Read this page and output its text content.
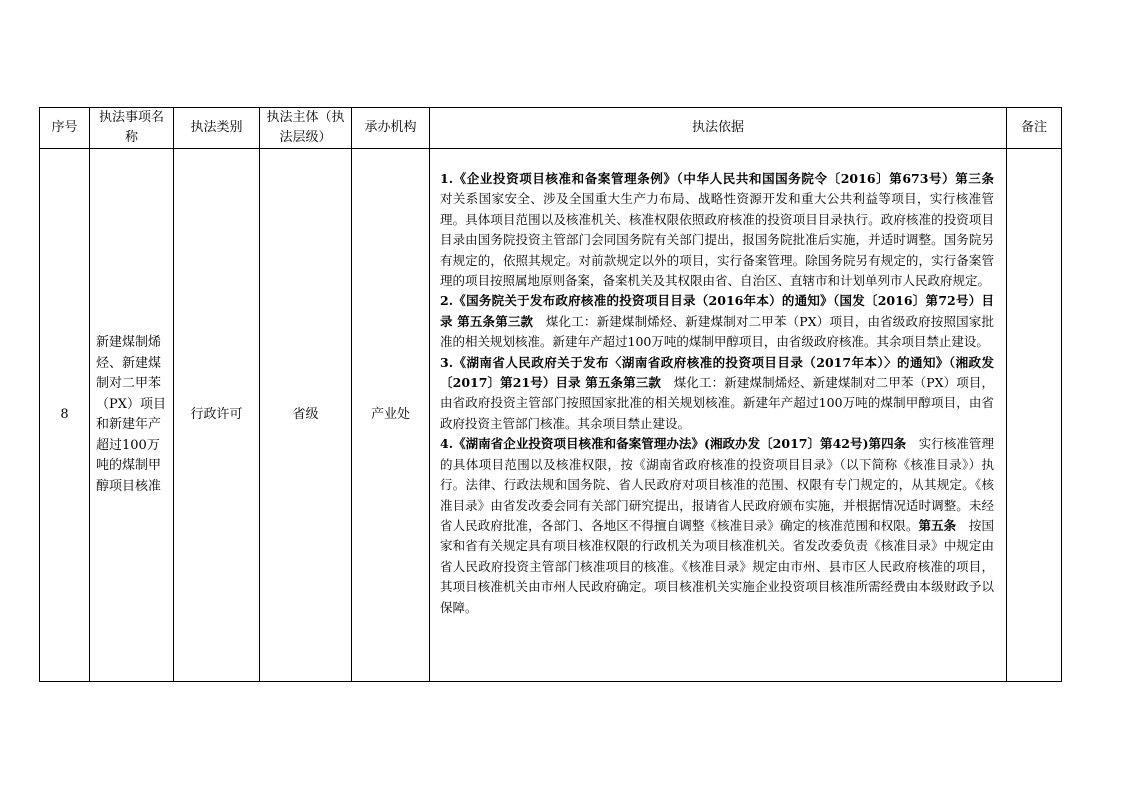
序号	执法事项名称	执法类别	执法主体（执法层级）	承办机构	执法依据	备注
8	新建煤制烯烃、新建煤制对二甲苯（PX）项目和新建年产超过100万吨的煤制甲醇项目核准	行政许可	省级	产业处	1.《企业投资项目核准和备案管理条例》（中华人民共和国国务院令〔2016〕第673号）第三条　对关系国家安全、涉及全国重大生产力布局、战略性资源开发和重大公共利益等项目，实行核准管理。具体项目范围以及核准机关、核准权限依照政府核准的投资项目目录执行。政府核准的投资项目目录由国务院投资主管部门会同国务院有关部门提出，报国务院批准后实施，并适时调整。国务院另有规定的，依照其规定。对前款规定以外的项目，实行备案管理。除国务院另有规定的，实行备案管理的项目按照属地原则备案，备案机关及其权限由省、自治区、直辖市和计划单列市人民政府规定。

2.《国务院关于发布政府核准的投资项目目录（2016年本）的通知》（国发〔2016〕第72号）目录 第五条第三款　 煤化工：新建煤制烯烃、新建煤制对二甲苯（PX）项目，由省级政府按照国家批准的相关规划核准。新建年产超过100万吨的煤制甲醇项目，由省级政府核准。其余项目禁止建设。

3.《湖南省人民政府关于发布〈湖南省政府核准的投资项目目录（2017年本）〉的通知》（湘政发〔2017〕第21号）目录 第五条第三款　 煤化工：新建煤制烯烃、新建煤制对二甲苯（PX）项目，由省政府投资主管部门按照国家批准的相关规划核准。新建年产超过100万吨的煤制甲醇项目，由省政府投资主管部门核准。其余项目禁止建设。

4.《湖南省企业投资项目核准和备案管理办法》(湘政办发〔2017〕第42号)第四条　 实行核准管理的具体项目范围以及核准权限，按《湖南省政府核准的投资项目目录》（以下简称《核准目录》）执行。法律、行政法规和国务院、省人民政府对项目核准的范围、权限有专门规定的，从其规定。《核准目录》由省发改委会同有关部门研究提出，报请省人民政府颁布实施，并根据情况适时调整。未经省人民政府批准，各部门、各地区不得擅自调整《核准目录》确定的核准范围和权限。第五条　 按国家和省有关规定具有项目核准权限的行政机关为项目核准机关。省发改委负责《核准目录》中规定由省人民政府投资主管部门核准项目的核准。《核准目录》规定由市州、县市区人民政府核准的项目，其项目核准机关由市州人民政府确定。项目核准机关实施企业投资项目核准所需经费由本级财政予以保障。	
